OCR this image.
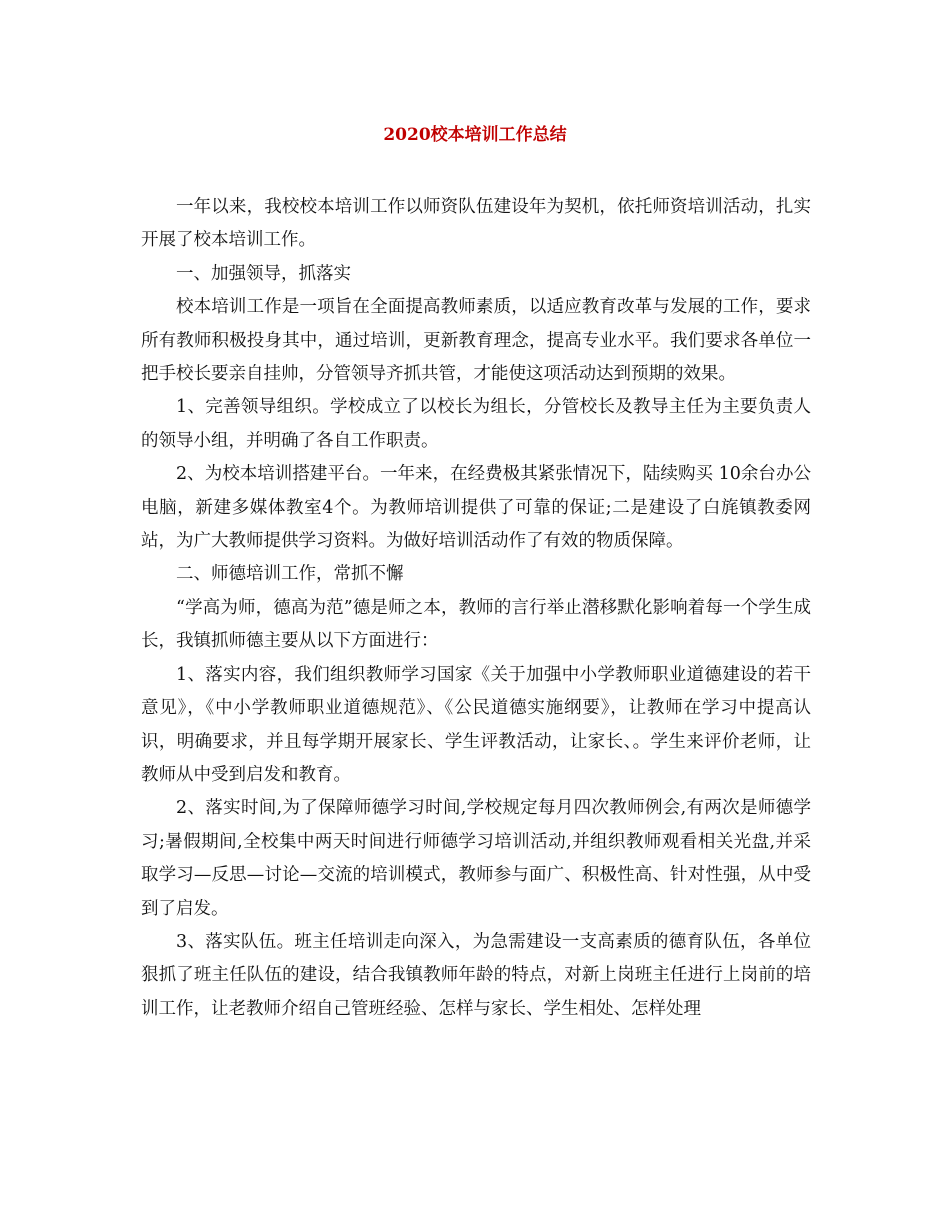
2020校本培训工作总结

一年以来，我校校本培训工作以师资队伍建设年为契机，依托师资培训活动，扎实开展了校本培训工作。

一、加强领导，抓落实

校本培训工作是一项旨在全面提高教师素质，以适应教育改革与发展的工作，要求所有教师积极投身其中，通过培训，更新教育理念，提高专业水平。我们要求各单位一把手校长要亲自挂帅，分管领导齐抓共管，才能使这项活动达到预期的效果。

1、完善领导组织。学校成立了以校长为组长，分管校长及教导主任为主要负责人的领导小组，并明确了各自工作职责。

2、为校本培训搭建平台。一年来，在经费极其紧张情况下，陆续购买 10余台办公电脑，新建多媒体教室4个。为教师培训提供了可靠的保证;二是建设了白旄镇教委网站，为广大教师提供学习资料。为做好培训活动作了有效的物质保障。

二、师德培训工作，常抓不懈

“学高为师，德高为范”德是师之本，教师的言行举止潜移默化影响着每一个学生成长，我镇抓师德主要从以下方面进行：

1、落实内容，我们组织教师学习国家《关于加强中小学教师职业道德建设的若干意见》，《中小学教师职业道德规范》、《公民道德实施纲要》，让教师在学习中提高认识，明确要求，并且每学期开展家长、学生评教活动，让家长、。学生来评价老师，让教师从中受到启发和教育。

2、落实时间,为了保障师德学习时间,学校规定每月四次教师例会,有两次是师德学习;暑假期间,全校集中两天时间进行师德学习培训活动,并组织教师观看相关光盘,并采取学习—反思—讨论—交流的培训模式，教师参与面广、积极性高、针对性强，从中受到了启发。

3、落实队伍。班主任培训走向深入，为急需建设一支高素质的德育队伍，各单位狠抓了班主任队伍的建设，结合我镇教师年龄的特点，对新上岗班主任进行上岗前的培训工作，让老教师介绍自己管班经验、怎样与家长、学生相处、怎样处理
